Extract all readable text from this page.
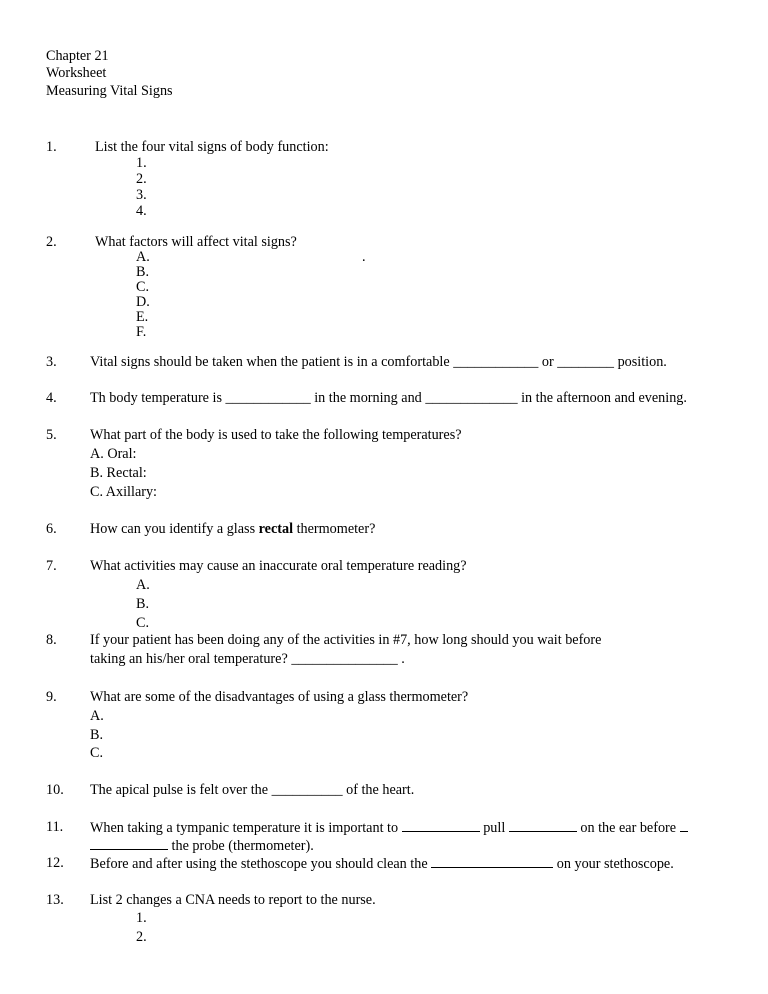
Chapter 21
Worksheet
Measuring Vital Signs
1.	List the four vital signs of body function:
1.
2.
3.
4.
2.	What factors will affect vital signs?
.
A.
B.
C.
D.
E.
F.
3. Vital signs should be taken when the patient is in a comfortable ____________ or ________ position.
4. Th body temperature is ____________ in the morning and _____________ in the afternoon and evening.
5. What part of the body is used to take the following temperatures?
A. Oral:
B. Rectal:
C. Axillary:
6. How can you identify a glass rectal thermometer?
7. What activities may cause an inaccurate oral temperature reading?
A.
B.
C.
8. If your patient has been doing any of the activities in #7, how long should you wait before
taking an his/her oral temperature? _______________ .
9. What are some of the disadvantages of using a glass thermometer?
A.
B.
C.
10. The apical pulse is felt over the __________ of the heart.
11. When taking a tympanic temperature it is important to	pull	on the ear before
the probe (thermometer).
12. Before and after using the stethoscope you should clean the	on your stethoscope.
13. List 2 changes a CNA needs to report to the nurse.
1.
2.
